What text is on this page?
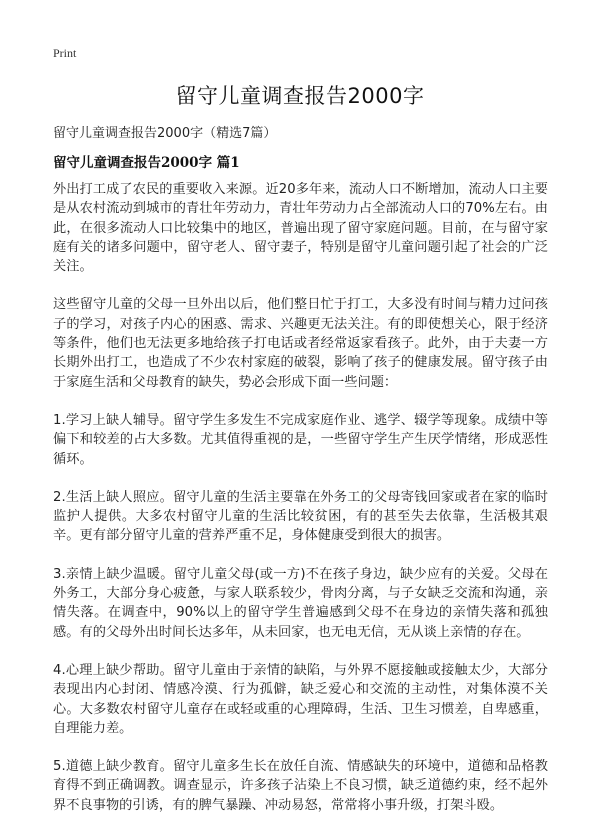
Print
留守儿童调查报告2000字

留守儿童调查报告2000字（精选7篇）

留守儿童调查报告2000字 篇1

外出打工成了农民的重要收入来源。近20多年来，流动人口不断增加，流动人口主要是从农村流动到城市的青壮年劳动力，青壮年劳动力占全部流动人口的70%左右。由此，在很多流动人口比较集中的地区，普遍出现了留守家庭问题。目前，在与留守家庭有关的诸多问题中，留守老人、留守妻子，特别是留守儿童问题引起了社会的广泛关注。

这些留守儿童的父母一旦外出以后，他们整日忙于打工，大多没有时间与精力过问孩子的学习，对孩子内心的困惑、需求、兴趣更无法关注。有的即使想关心，限于经济等条件，他们也无法更多地给孩子打电话或者经常返家看孩子。此外，由于夫妻一方长期外出打工，也造成了不少农村家庭的破裂，影响了孩子的健康发展。留守孩子由于家庭生活和父母教育的缺失，势必会形成下面一些问题：

1.学习上缺人辅导。留守学生多发生不完成家庭作业、逃学、辍学等现象。成绩中等偏下和较差的占大多数。尤其值得重视的是，一些留守学生产生厌学情绪，形成恶性循环。

2.生活上缺人照应。留守儿童的生活主要靠在外务工的父母寄钱回家或者在家的临时监护人提供。大多农村留守儿童的生活比较贫困，有的甚至失去依靠，生活极其艰辛。更有部分留守儿童的营养严重不足，身体健康受到很大的损害。

3.亲情上缺少温暖。留守儿童父母(或一方)不在孩子身边，缺少应有的关爱。父母在外务工，大部分身心疲惫，与家人联系较少，骨肉分离，与子女缺乏交流和沟通，亲情失落。在调查中，90%以上的留守学生普遍感到父母不在身边的亲情失落和孤独感。有的父母外出时间长达多年，从未回家，也无电无信，无从谈上亲情的存在。

4.心理上缺少帮助。留守儿童由于亲情的缺陷，与外界不愿接触或接触太少，大部分表现出内心封闭、情感冷漠、行为孤僻，缺乏爱心和交流的主动性，对集体漠不关心。大多数农村留守儿童存在或轻或重的心理障碍，生活、卫生习惯差，自卑感重，自理能力差。

5.道德上缺少教育。留守儿童多生长在放任自流、情感缺失的环境中，道德和品格教育得不到正确调教。调查显示，许多孩子沾染上不良习惯，缺乏道德约束，经不起外界不良事物的引诱，有的脾气暴躁、冲动易怒，常常将小事升级，打架斗殴。
